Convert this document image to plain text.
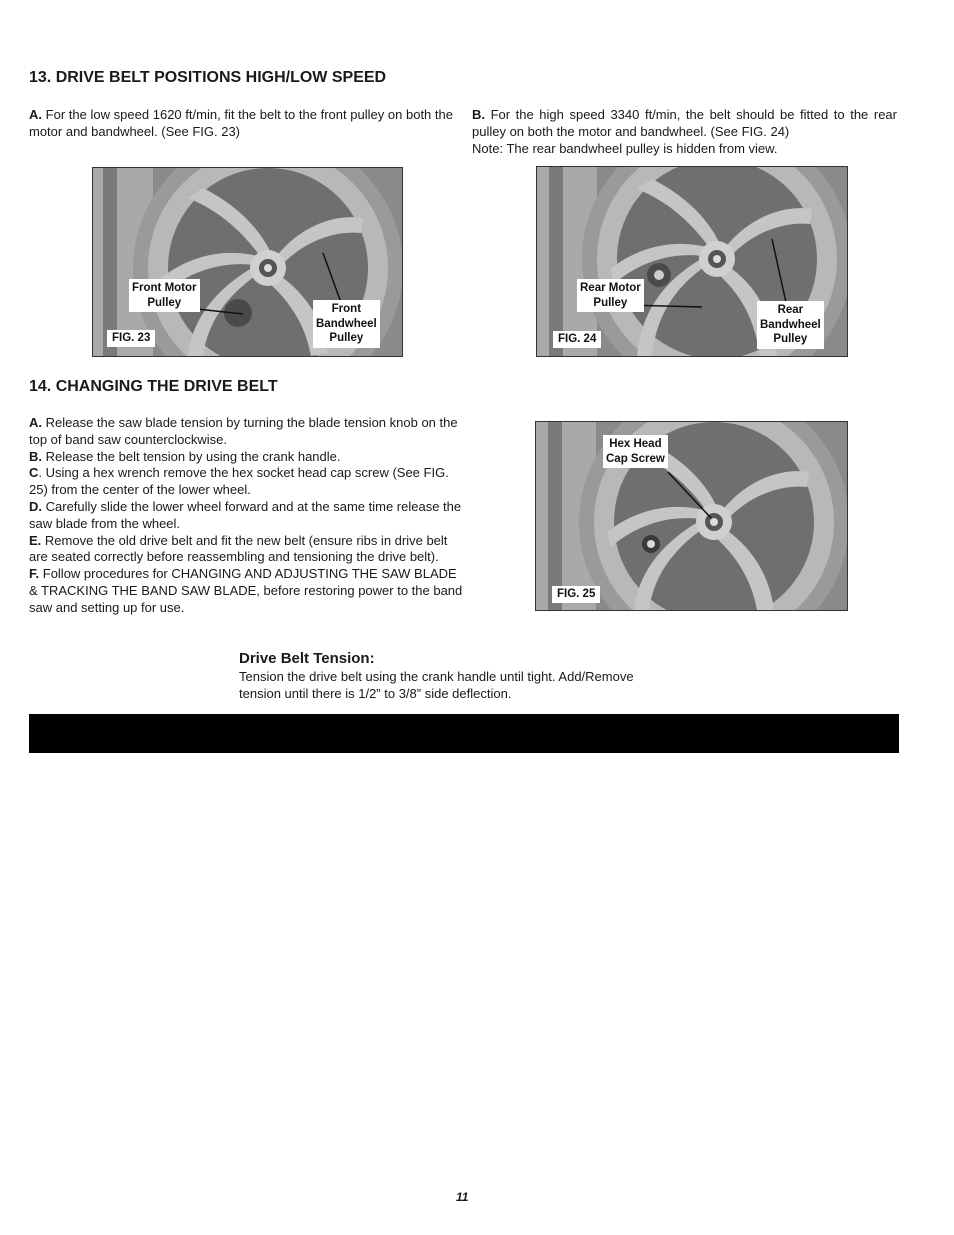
13. DRIVE BELT POSITIONS HIGH/LOW SPEED
A. For the low speed 1620 ft/min, fit the belt to the front pulley on both the motor and bandwheel. (See FIG. 23)

B. For the high speed 3340 ft/min, the belt should be fitted to the rear pulley on both the motor and bandwheel. (See FIG. 24)

Note: The rear bandwheel pulley is hidden from view.

Front Motor
Pulley
Front
Bandwheel
Pulley
FIG. 23
Rear Motor
Pulley
Rear
Bandwheel
Pulley
FIG. 24
14. CHANGING THE DRIVE BELT

A. Release the saw blade tension by turning the blade tension knob on the top of band saw counterclockwise.

B. Release the belt tension by using the crank handle.

C. Using a hex wrench remove the hex socket head cap screw (See FIG. 25) from the center of the lower wheel.

D. Carefully slide the lower wheel forward and at the same time release the saw blade from the wheel.

E. Remove the old drive belt and fit the new belt (ensure ribs in drive belt are seated correctly before reassembling and tensioning the drive belt).

F. Follow procedures for CHANGING AND ADJUSTING THE SAW BLADE & TRACKING THE BAND SAW BLADE, before restoring power to the band saw and setting up for use.

Hex Head
Cap Screw
FIG. 25
Drive Belt Tension:

Tension the drive belt using the crank handle until tight. Add/Remove

tension until there is 1/2” to 3/8” side deflection.

11
